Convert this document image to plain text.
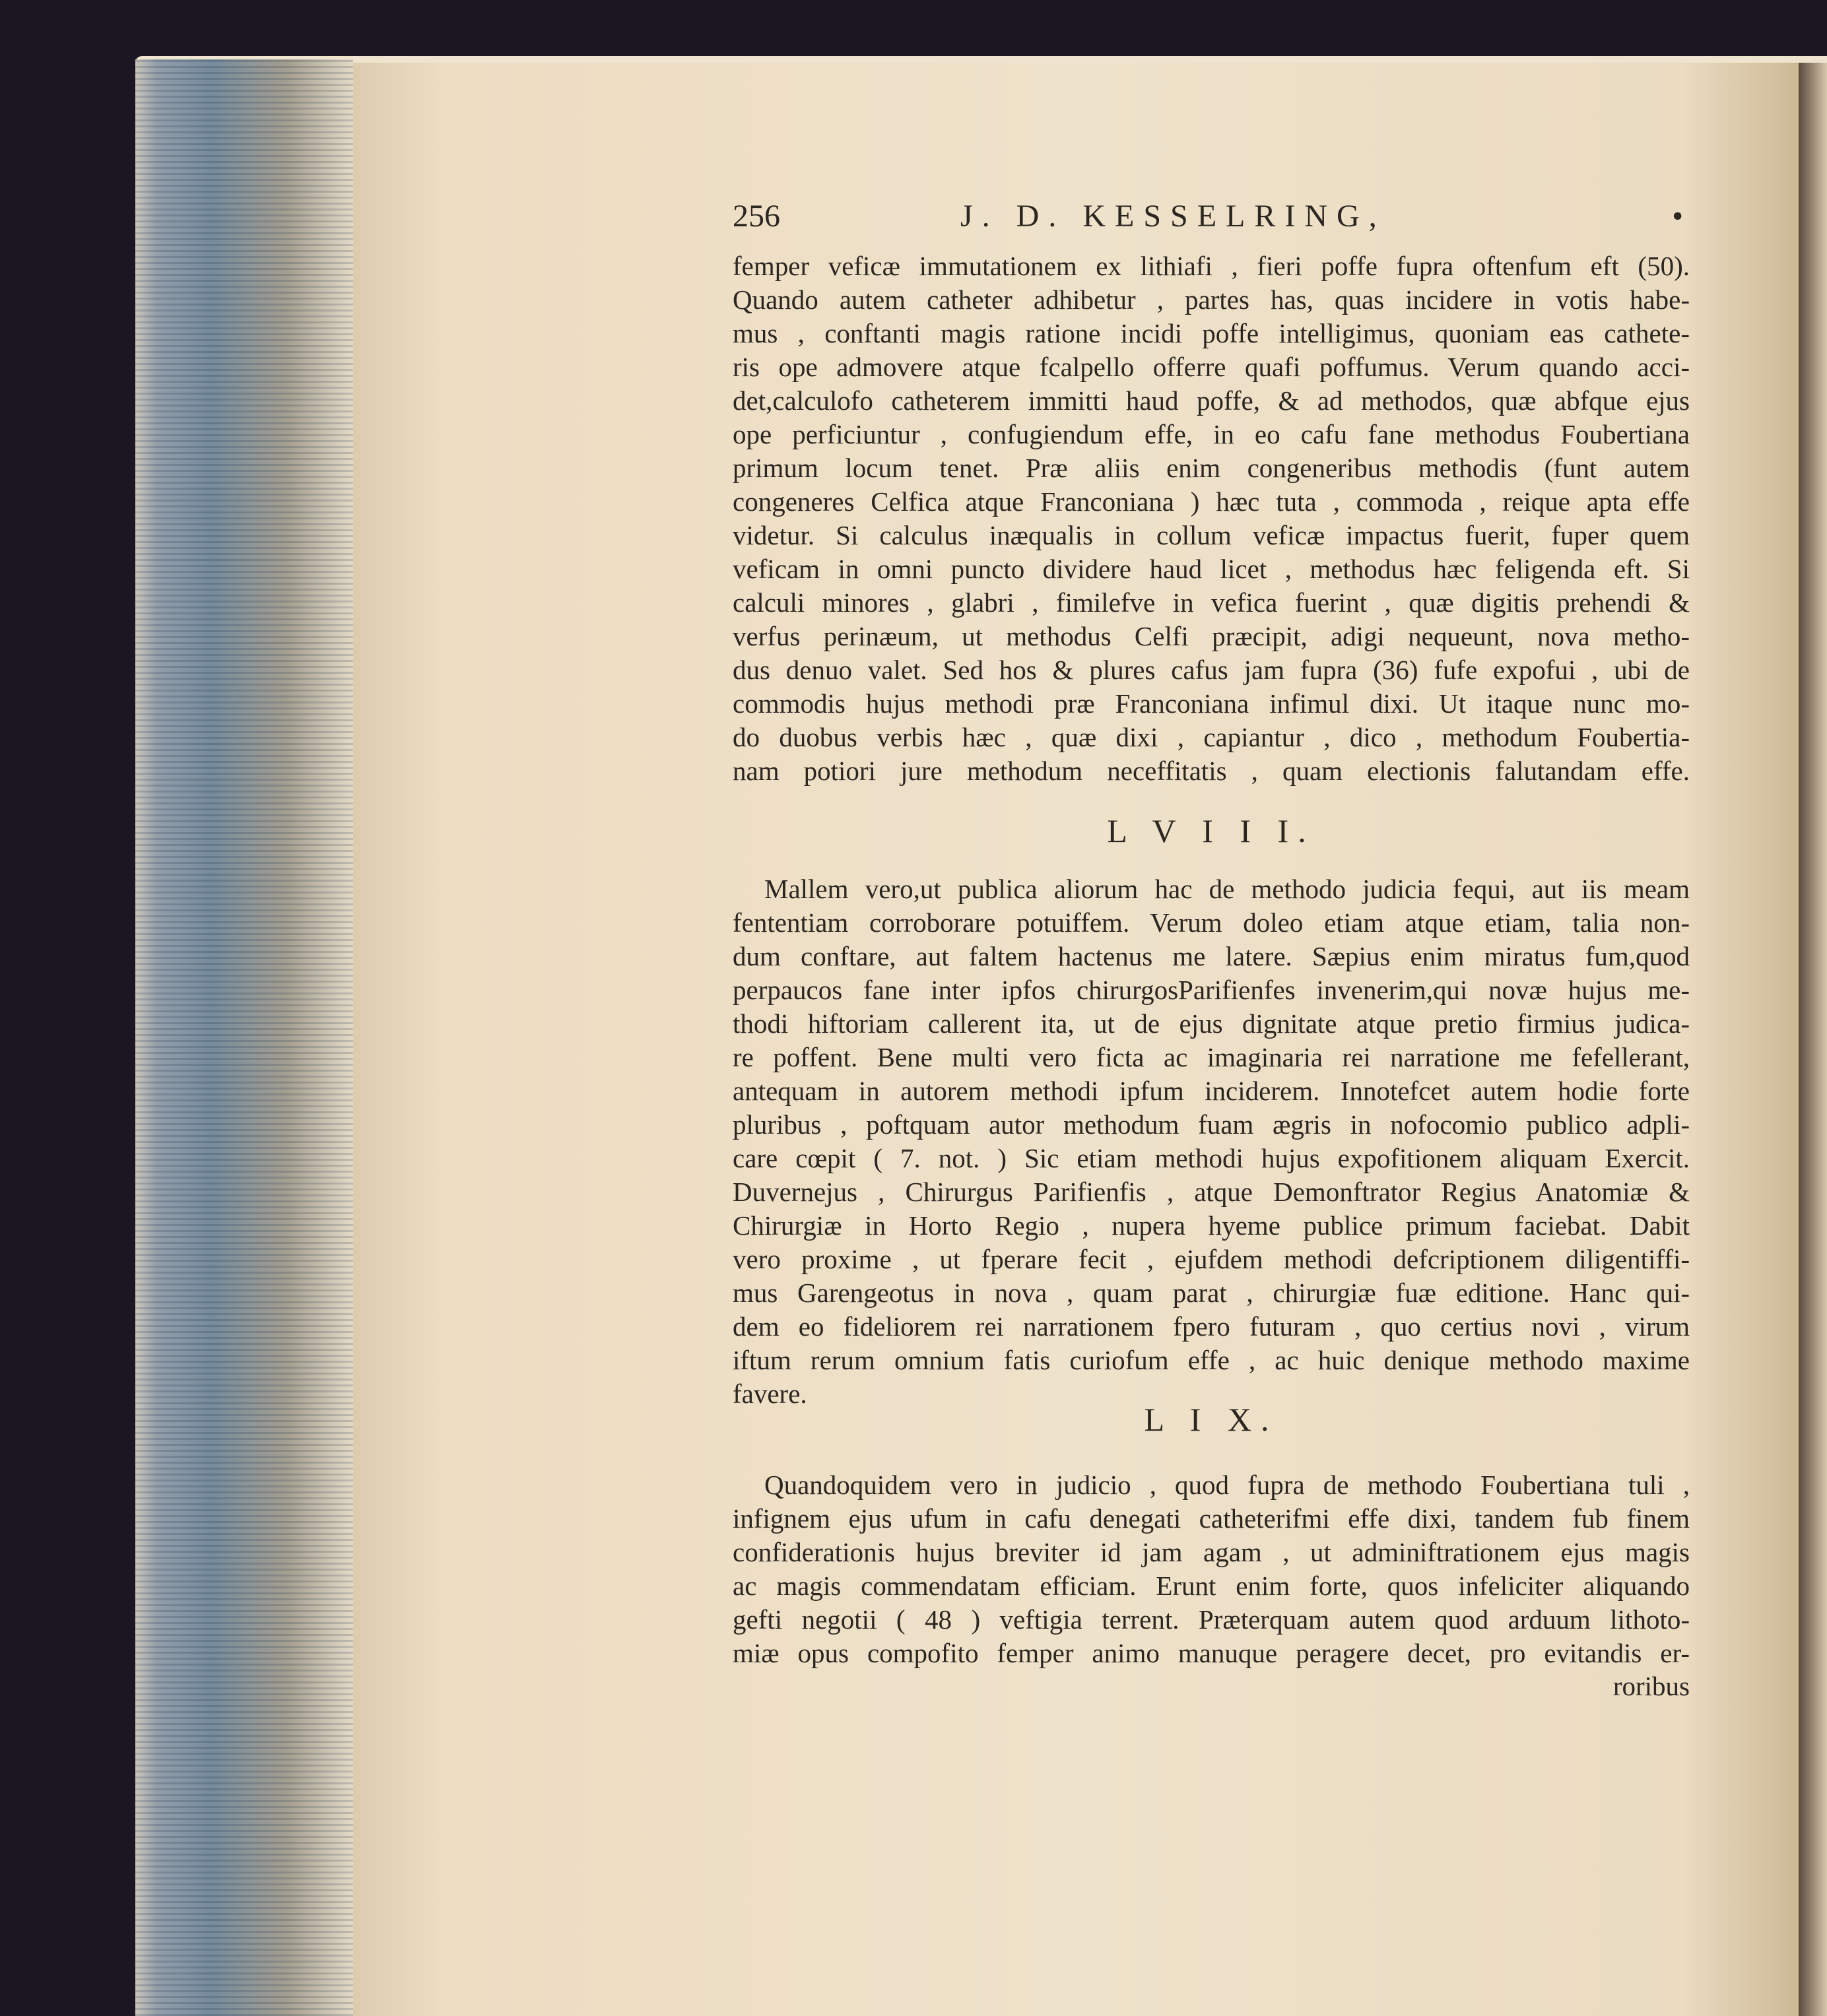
256	J. D. KESSELRING,	•
femper veficæ immutationem ex lithiafi , fieri poffe fupra oftenfum eft (50).
Quando autem catheter adhibetur , partes has, quas incidere in votis habe-
mus , conftanti magis ratione incidi poffe intelligimus, quoniam eas cathete-
ris ope admovere atque fcalpello offerre quafi poffumus. Verum quando acci-
det,calculofo catheterem immitti haud poffe, & ad methodos, quæ abfque ejus
ope perficiuntur , confugiendum effe, in eo cafu fane methodus Foubertiana
primum locum tenet. Præ aliis enim congeneribus methodis (funt autem
congeneres Celfica atque Franconiana ) hæc tuta , commoda , reique apta effe
videtur. Si calculus inæqualis in collum veficæ impactus fuerit, fuper quem
veficam in omni puncto dividere haud licet , methodus hæc feligenda eft. Si
calculi minores , glabri , fimilefve in vefica fuerint , quæ digitis prehendi &
verfus perinæum, ut methodus Celfi præcipit, adigi nequeunt, nova metho-
dus denuo valet. Sed hos & plures cafus jam fupra (36) fufe expofui , ubi de
commodis hujus methodi præ Franconiana infimul dixi. Ut itaque nunc mo-
do duobus verbis hæc , quæ dixi , capiantur , dico , methodum Foubertia-
nam potiori jure methodum neceffitatis , quam electionis falutandam effe.
L V I I I.
Mallem vero,ut publica aliorum hac de methodo judicia fequi, aut iis meam
fententiam corroborare potuiffem. Verum doleo etiam atque etiam, talia non-
dum conftare, aut faltem hactenus me latere. Sæpius enim miratus fum,quod
perpaucos fane inter ipfos chirurgosParifienfes invenerim,qui novæ hujus me-
thodi hiftoriam callerent ita, ut de ejus dignitate atque pretio firmius judica-
re poffent. Bene multi vero ficta ac imaginaria rei narratione me fefellerant,
antequam in autorem methodi ipfum inciderem. Innotefcet autem hodie forte
pluribus , poftquam autor methodum fuam ægris in nofocomio publico adpli-
care cœpit ( 7. not. ) Sic etiam methodi hujus expofitionem aliquam Exercit.
Duvernejus , Chirurgus Parifienfis , atque Demonftrator Regius Anatomiæ &
Chirurgiæ in Horto Regio , nupera hyeme publice primum faciebat. Dabit
vero proxime , ut fperare fecit , ejufdem methodi defcriptionem diligentiffi-
mus Garengeotus in nova , quam parat , chirurgiæ fuæ editione. Hanc qui-
dem eo fideliorem rei narrationem fpero futuram , quo certius novi , virum
iftum rerum omnium fatis curiofum effe , ac huic denique methodo maxime
favere.
L I X.
Quandoquidem vero in judicio , quod fupra de methodo Foubertiana tuli ,
infignem ejus ufum in cafu denegati catheterifmi effe dixi, tandem fub finem
confiderationis hujus breviter id jam agam , ut adminiftrationem ejus magis
ac magis commendatam efficiam. Erunt enim forte, quos infeliciter aliquando
gefti negotii ( 48 ) veftigia terrent. Præterquam autem quod arduum lithoto-
miæ opus compofito femper animo manuque peragere decet, pro evitandis er-
roribus
